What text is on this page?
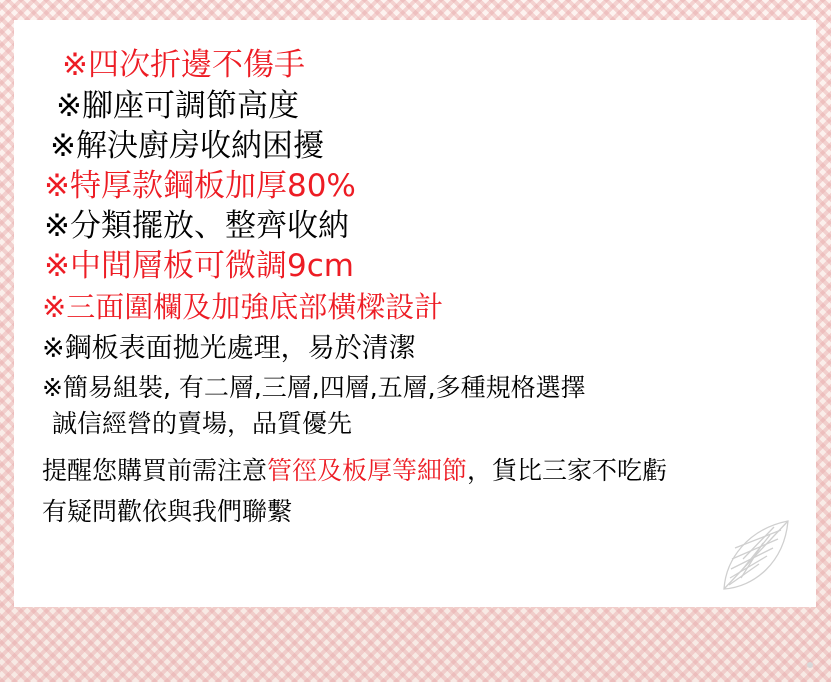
※四次折邊不傷手
※腳座可調節高度
※解決廚房收納困擾
※特厚款鋼板加厚80%
※分類擺放、整齊收納
※中間層板可微調9cm
※三面圍欄及加強底部橫樑設計
※鋼板表面拋光處理，易於清潔
※簡易組裝, 有二層,三層,四層,五層,多種規格選擇
誠信經營的賣場，品質優先
提醒您購買前需注意管徑及板厚等細節，貨比三家不吃虧
有疑問歡依與我們聯繫
